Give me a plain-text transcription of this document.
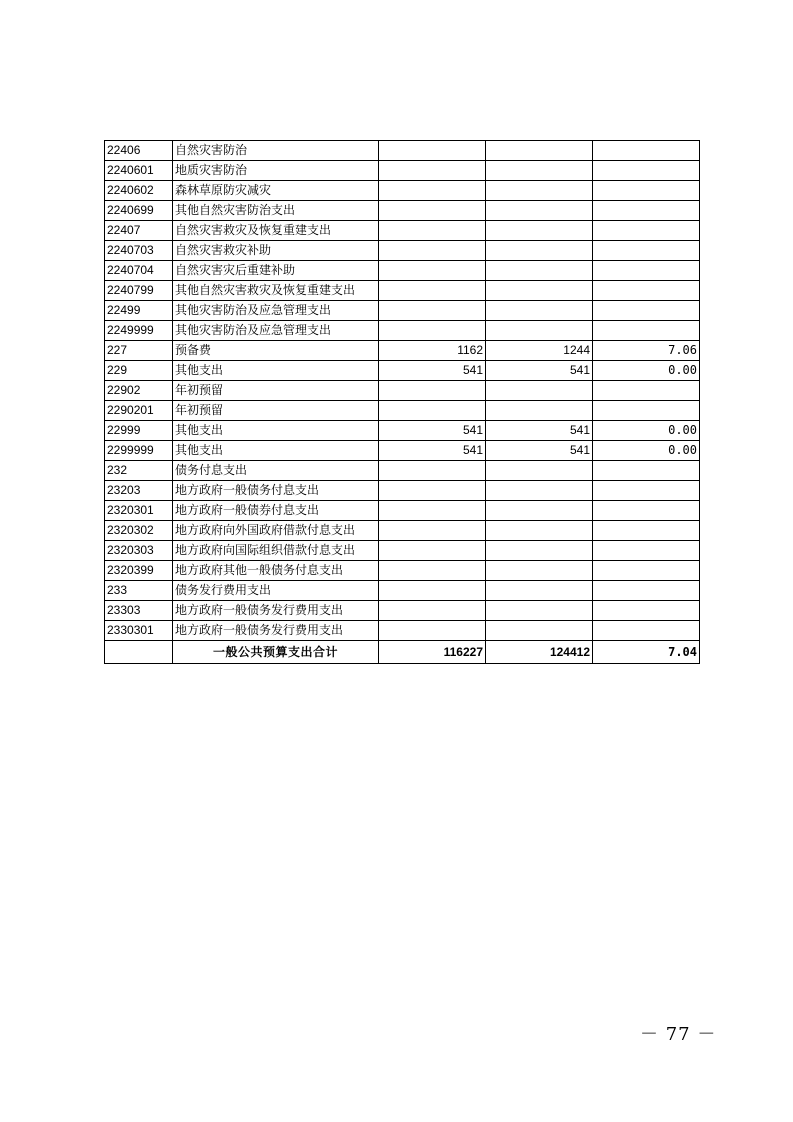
22406	自然灾害防治			
2240601	地质灾害防治			
2240602	森林草原防灾减灾			
2240699	其他自然灾害防治支出			
22407	自然灾害救灾及恢复重建支出			
2240703	自然灾害救灾补助			
2240704	自然灾害灾后重建补助			
2240799	其他自然灾害救灾及恢复重建支出			
22499	其他灾害防治及应急管理支出			
2249999	其他灾害防治及应急管理支出			
227	预备费	1162	1244	7.06
229	其他支出	541	541	0.00
22902	年初预留			
2290201	年初预留			
22999	其他支出	541	541	0.00
2299999	其他支出	541	541	0.00
232	债务付息支出			
23203	地方政府一般债务付息支出			
2320301	地方政府一般债券付息支出			
2320302	地方政府向外国政府借款付息支出			
2320303	地方政府向国际组织借款付息支出			
2320399	地方政府其他一般债务付息支出			
233	债务发行费用支出			
23303	地方政府一般债务发行费用支出			
2330301	地方政府一般债务发行费用支出			
	一般公共预算支出合计	116227	124412	7.04
－ 77 －
